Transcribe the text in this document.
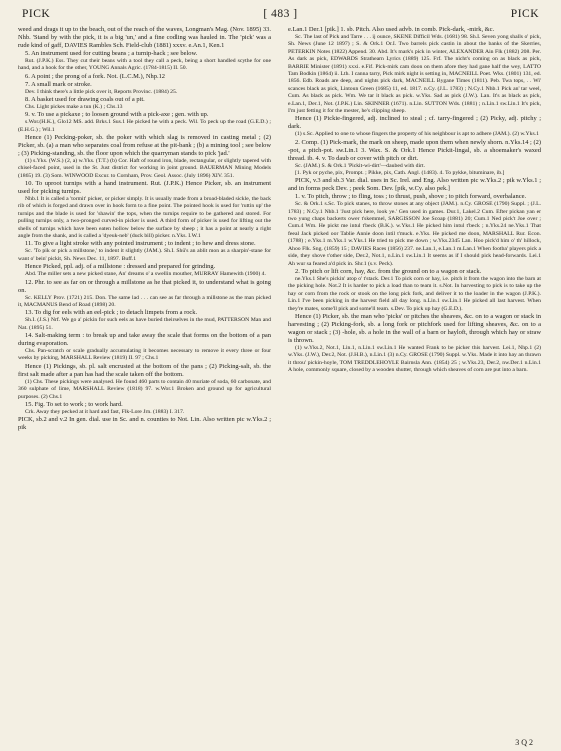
PICK	[ 483 ]	PICK

weed and drags it up to the beach, out of the reach of the waves, Longman's Mag. (Nov. 1895) 33. Nhb. 'Stand by with the pick, it is a big 'un,' and a fine codling was hauled in. The 'pick' was a rude kind of gaff, DAVIES Rambles Sch. Field-club (1881) xxxv. e.An.1, Ken.1

5. An instrument used for cutting beans ; a turnip-hack ; see below.

Rut. (J.P.K.) Ess. They cut their beans with a tool they call a peck, being a short handled scythe for one hand, and a hook for the other, YOUNG Annals Agric. (1784-1815) II. 50.

6. A point ; the prong of a fork. Not. (L.C.M.), Nhp.12

7. A small mark or stroke.

Dev. I think there's a little pick over it, Reports Provinc. (1884) 25.

8. A basket used for drawing coals out of a pit.

Chs. Light pickes make a tun (K.) ; Chs.13

9. v. To use a pickaxe ; to loosen ground with a pick-axe ; gen. with up.

s.Wor.(H.K.), Glo12 MS. add. Brks.1 Sus.1 He picked he with a peck. Wil. To peck up the road (G.E.D.) ; (E.H.G.) ; Wil.1

Hence (1) Pecking-poker, sb. the poker with which slag is removed in casting metal ; (2) Picker, sb. (a) a man who separates coal from refuse at the pit-bank ; (b) a mining tool ; see below ; (3) Picking-standing, sb. the floor upon which the quarryman stands to pick 'jad.'

(1) s.Yks. (W.S.) (2, a) w.Yks. (T.T.) (b) Cor. Haft of round iron, blade, rectangular, or slightly tapered with chisel-faced point, used in the St. Just district for working in joint ground. BAUERMAN Mining Models (1865) 19. (3) Som. WINWOOD Excur. to Cornham, Prov. Geol. Assoc. (July 1896) XIV. 351.

10. To uproot turnips with a hand instrument. Rut. (J.P.K.) Hence Picker, sb. an instrument used for picking turnips.

Nhb.1 It is called a 'tormit' picker, or picker simply. It is usually made from a broad-bladed sickle, the back rib of which is forged and drawn over in hook form to a fine point. The pointed hook is used for 'ruttin up' the turnips and the blade is used for 'shawin' the tops, when the turnips require to be gathered and stored. For pulling turnips only, a two-pronged curved-in picker is used. A third form of picker is used for lifting out the shells of turnips which have been eaten hollow below the surface by sheep ; it has a point at nearly a right angle from the shank, and is called a 'dyeuk-neb' (duck bill) picker. n.Yks. I.W.1

11. To give a light stroke with any pointed instrument ; to indent ; to hew and dress stone.

Sc. 'To pik or pick a millstone,' to indent it slightly (JAM.). Sh.I. Shü's an ablit mon as a sharpin'-stane for want o' bein' pickit, Sh. News Dec. 11, 1897. Buff.1

Hence Picked, ppl. adj. of a millstone : dressed and prepared for grinding.

Abd. The miller sets a new picked stane, An' dreams o' a swellin mouther, MURRAY Hamewith (1900) 4.

12. Phr. to see as far on or through a millstone as he that picked it, to understand what is going on.

Sc. KELLY Prov. (1721) 215. Don. The same lad . . . can see as far through a millstone as the man picked it, MACMANUS Bend of Road (1898) 20.

13. To dig for eels with an eel-pick ; to detach limpets from a rock.

Sh.I. (J.S.) Nrf. We go a' pickin for such eels as have buried theirselves in the mud, PATTERSON Man and Nat. (1895) 51.

14. Salt-making term : to break up and take away the scale that forms on the bottom of a pan during evaporation.

Chs. Pan-scratch or scale gradually accumulating it becomes necessary to remove it every three or four weeks by picking, MARSHALL Review (1819) II. 97 ; Chs.1

Hence (1) Pickings, sb. pl. salt encrusted at the bottom of the pans ; (2) Picking-salt, sb. the first salt made after a pan has had the scale taken off the bottom.

(1) Chs. These pickings were analysed. He found 460 parts to contain 40 muriate of soda, 60 carbonate, and 360 sulphate of lime, MARSHALL Review (1818) 97. w.Wor.1 Broken and ground up for agricultural purposes. (2) Chs.1

15. Fig. To set to work ; to work hard.

Crk. Away they pecked at it hard and fast, Flk-Lore Jrn. (1883) I. 317.

PICK, sb.2 and v.2 In gen. dial. use in Sc. and n. counties to Not. Lin. Also written pic w.Yks.2 ; pik

e.Lan.1 Der.1 [pik.] 1. sb. Pitch. Also used advb. in comb. Pick-dark, -mirk, &c.

Sc. The last of Pick and Tarre . . . ij ounce, SKENE Difficil Wds. (1681) 98. Sh.I. Seven yong shalls o' pick, Sh. News (June 12 1897) ; S. & Ork.1 Or.I. Two barrels pick castin in about the banks of the Skerries, PETERKIN Notes (1822) Append. 30. Abd. It's mark's pick in winter, ALEXANDER Ain Flk (1882) 208. Per. As dark as pick, EDWARDS Strathearn Lyrics (1889) 125. Frf. The nicht's coming on as black as pick, BARRIE Minister (1891) xxxi. e.Fif. Pick-mirk cam doon on them afore they had gane half the wey, LATTO Tam Bodkin (1864) ii. Lth. I canna tarry, Pick mirk night is setting in, MACNEILL Poet. Wks. (1801) 131, ed. 1856. Edb. Roads are deep, and nights pick dark, MACNEILL Bygane Times (1811). Peb. Twa tops, . . Wi' scances black as pick, Lintoun Green (1685) 11, ed. 1817. n.Cy. (J.L. 1783) ; N.Cy.1 Nhb.1 Pick an' tar weel, Cum. As black as pick. Wm. We tar it black as pick. w.Yks. Sad as pick (J.W.). Lan. It's as black as pick, e.Lan.1, Der.1, Not. (J.P.K.) Lin. SKINNER (1671). n.Lin. SUTTON Wds. (1881) ; n.Lin.1 sw.Lin.1 It's pick, I'm just fetting it for the mester, he's clipping sheep.

Hence (1) Pickie-fingered, adj. inclined to steal ; cf. tarry-fingered ; (2) Picky, adj. pitchy ; dark.

(1) s.Sc. Applied to one to whose fingers the property of his neighbour is apt to adhere (JAM.). (2) w.Yks.1

2. Comp. (1) Pick-mark, the mark on sheep, made upon them when newly shorn. n.Yks.14 ; (2) -pot, a pitch-pot. sw.Lin.1 3. Wax. S. & Ork.1 Hence Pickit-lingal, sb. a shoemaker's waxed thread. ib. 4. v. To daub or cover with pitch or dirt.

Sc. (JAM.) S. & Ork.1 'Pickit-wi-dirt'—daubed with dirt.

[1. Pyk or pyche, pix, Prompt. ; Pikke, pix, Cath. Angl. (1483). 4. To pykke, bituminare, ib.]

PICK, v.3 and sb.3 Var. dial. uses in Sc. Irel. and Eng. Also written pic w.Yks.2 ; pik w.Yks.1 ; and in forms peck Dev. ; peek Som. Dev. [pik, w.Cy. also pek.]

1. v. To pitch, throw ; to fling, toss ; to thrust, push, shove ; to pitch forward, overbalance.

Sc. & Ork.1 s.Sc. To pick stanes, to throw stones at any object (JAM.). n.Cy. GROSE (1790) Suppl. ; (J.L. 1783) ; N.Cy.1 Nhb.1 'Just pick here, look ye.' Gen used in games. Dur.1, Lakel.2 Cum. Efter pickan yan er two yung chaps backerts ower t'skemmel, SARGISSON Joe Scoap (1881) 20; Cum.1 Ned pick't Joe over ; Cum.4 Wm. He pickt me intul t'beck (B.K.). w.Yks.1 He picked him intul t'beck ; n.Yks.24 ne.Yks.1 That feeal Jack picked oor Tablie Annie doon intil t'muck. e.Yks. He picked me doon, MARSHALL Rur. Econ. (1788) ; e.Yks.1 m.Yks.1 w.Yks.1 He tried to pick me down ; w.Yks.2345 Lan. Hoo pick'd him o' th' hillock, Ahoo Flk. Sng. (1859) 15 ; DAVIES Races (1856) 237. ne.Lan.1, e.Lan.1 m.Lan.1 When footba' players pick a side, they shove t'other side, Der.2, Not.1, n.Lin.1 sw.Lin.1 It seems as if I should pick head-forwards. Lei.1 Ah wur sa feared a'd pick in. Shr.1 (s.v. Peck).

2. To pitch or lift corn, hay, &c. from the ground on to a wagon or stack.

ne.Yks.1 She's pickin' atop o' t'stack. Der.1 To pick corn or hay, i.e. pitch it from the wagon into the barn at the picking hole. Not.2 It is harder to pick a load than to team it. s.Not. In harvesting to pick is to take up the hay or corn from the rock or stook on the long pick fork, and deliver it to the loader in the wagon (J.P.K.). Lin.1 I've been picking in the harvest field all day long. n.Lin.1 sw.Lin.1 He picked all last harvest. When they're mates, some'll pick and some'll team. s.Dev. To pick up hay (G.E.D.).

Hence (1) Picker, sb. the man who 'picks' or pitches the sheaves, &c. on to a wagon or stack in harvesting ; (2) Picking-fork, sb. a long fork or pitchfork used for lifting sheaves, &c. on to a wagon or stack ; (3) -hole, sb. a hole in the wall of a barn or hayloft, through which hay or straw is thrown.

(1) w.Yks.2, Not.1, Lin.1, n.Lin.1 sw.Lin.1 He wanted Frank to be picker this harvest. Lei.1, Nhp.1 (2) w.Yks. (J.W.), Der.2, Not. (J.H.B.), n.Lin.1 (3) n.Cy. GROSE (1790) Suppl. w.Yks. Made it into hay an thrawn it throu' pickin-hoyle, TOM TREDDLEHOYLE Bairnsla Ann. (1854) 25 ; w.Yks.23, Der.2, nw.Der.1 n.Lin.1 A hole, commonly square, closed by a wooden shutter, through which sheaves of corn are put into a barn.

3 Q 2
